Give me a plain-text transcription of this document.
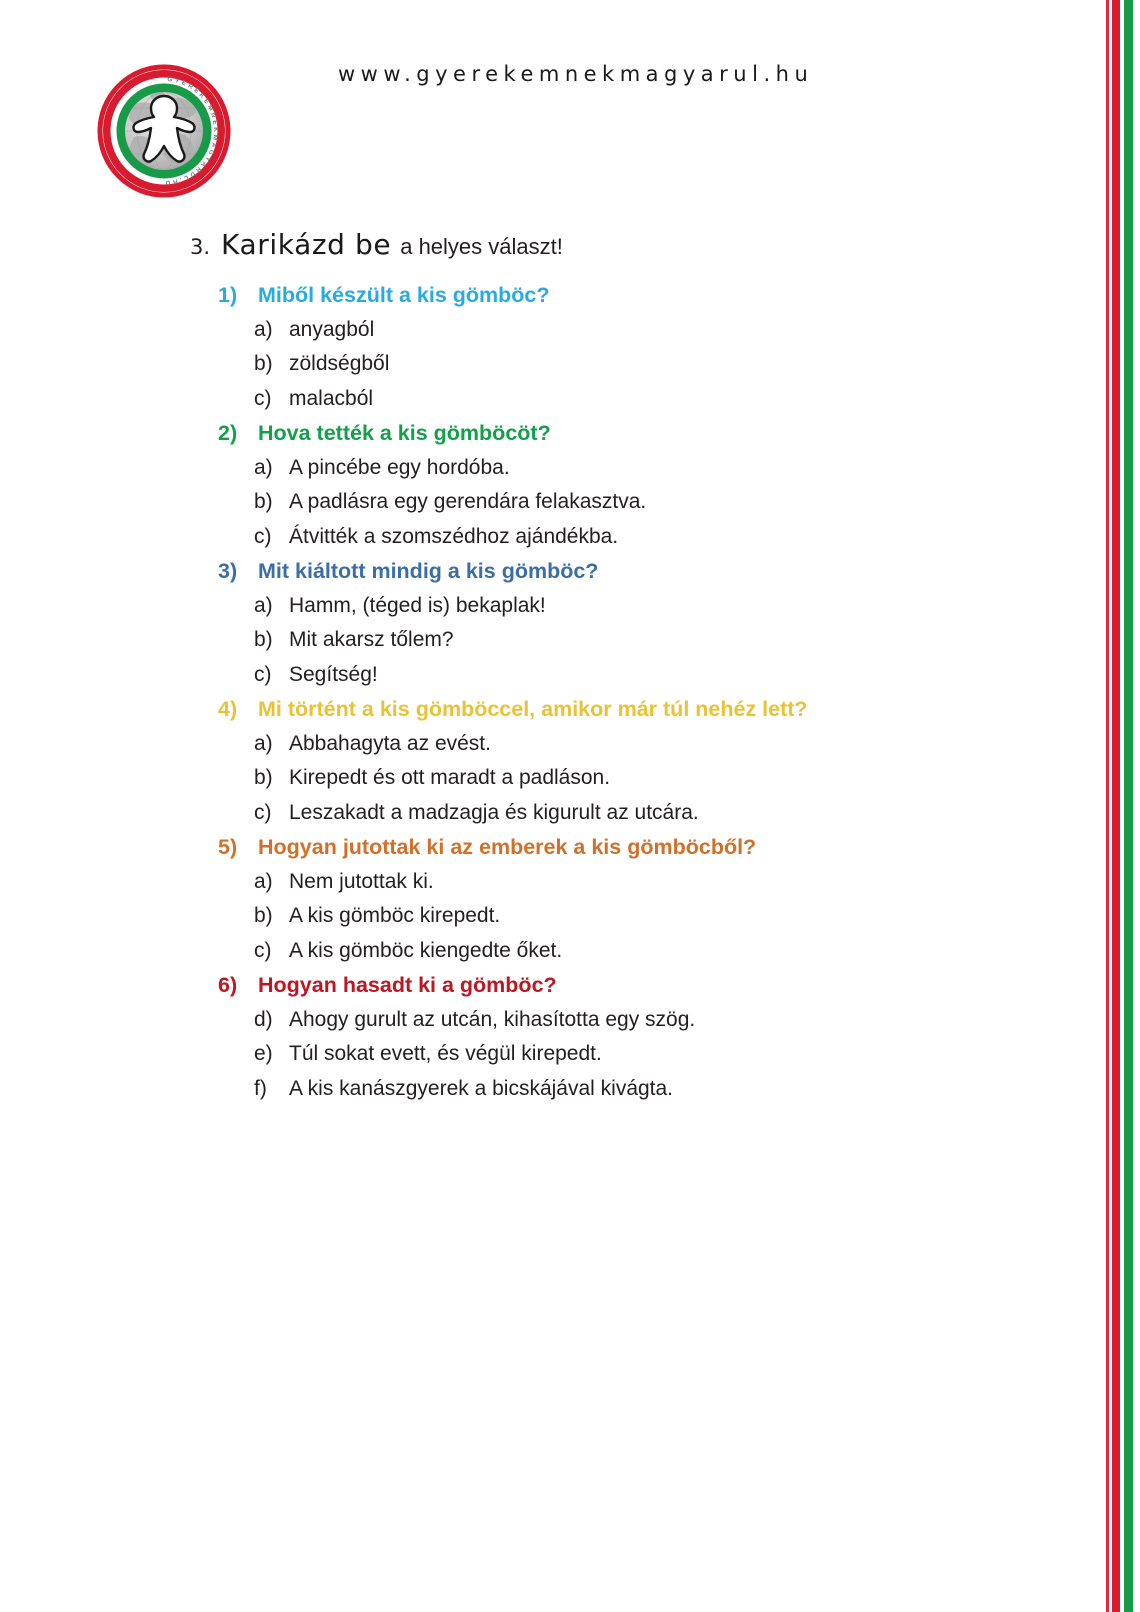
GYEREKEMNEKMAGYARUL.HU
www.gyerekemnekmagyarul.hu
3. Karikázd be a helyes választ!
1) Miből készült a kis gömböc?
a) anyagból
b) zöldségből
c) malacból
2) Hova tették a kis gömböcöt?
a) A pincébe egy hordóba.
b) A padlásra egy gerendára felakasztva.
c) Átvitték a szomszédhoz ajándékba.
3) Mit kiáltott mindig a kis gömböc?
a) Hamm, (téged is) bekaplak!
b) Mit akarsz tőlem?
c) Segítség!
4) Mi történt a kis gömböccel, amikor már túl nehéz lett?
a) Abbahagyta az evést.
b) Kirepedt és ott maradt a padláson.
c) Leszakadt a madzagja és kigurult az utcára.
5) Hogyan jutottak ki az emberek a kis gömböcből?
a) Nem jutottak ki.
b) A kis gömböc kirepedt.
c) A kis gömböc kiengedte őket.
6) Hogyan hasadt ki a gömböc?
d) Ahogy gurult az utcán, kihasította egy szög.
e) Túl sokat evett, és végül kirepedt.
f)	A kis kanászgyerek a bicskájával kivágta.
